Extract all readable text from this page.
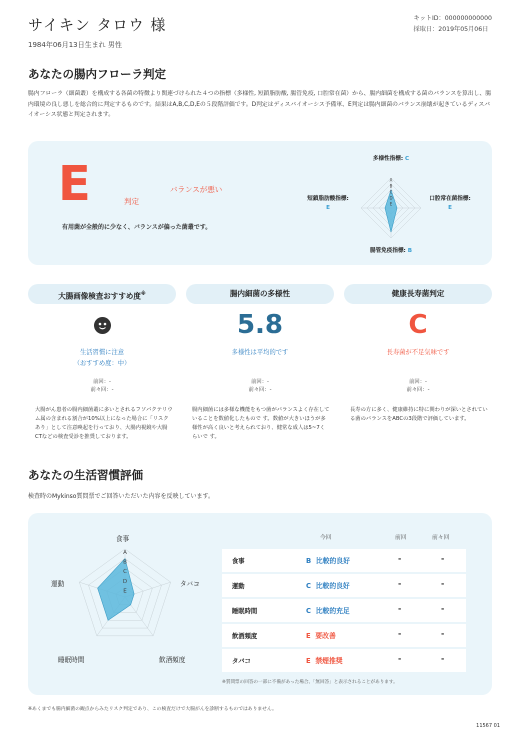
サイキン タロウ 様
1984年06月13日生まれ 男性
キットID：000000000000
採取日：2019年05月06日
あなたの腸内フローラ判定
腸内フローラ（細菌叢）を構成する各菌の特徴より関連づけられた４つの指標（多様性, 短鎖脂肪酸, 腸管免疫, 口腔常在菌）から、腸内細菌を構成する菌のバランスを算出し、腸内環境の良し悪しを総合的に判定するものです。結果はA,B,C,D,Eの５段階評価です。D判定はディスバイオーシス予備軍、E判定は腸内細菌のバランス崩壊が起きているディスバイオーシス状態と判定されます。
E	判定
バランスが悪い
有用菌が全般的に少なく、バランスが偏った菌叢です。
A
B
C
D
E
多様性指標: C
口腔常在菌指標:
E
腸管免疫指標: B
短鎖脂肪酸指標:
E
大腸画像検査おすすめ度※	腸内細菌の多様性	健康長寿菌判定
生活習慣に注意
（おすすめ度：中）
前回：-
前々回：-
大腸がん患者の腸内細菌叢に多いとされるフソバクテリウム属の含まれる割合が10%以上になった場合に「リスクあり」として注意喚起を行っており、大腸内視鏡や大腸CTなどの検査受診を推奨しております。
5.8
多様性は平均的です
前回：-
前々回：-
腸内細菌には多様な機能をもつ菌がバランスよく存在していることを数値化したもので す。数値が大きいほうが多様性が高く良いと考えられており、健常な成人は5~7くらいで す。
C
長寿菌が不足気味です
前回：-
前々回：-
長寿の方に多く、健康維持に特に関わりが深いとされている菌のバランスをABCの3段階で評価しています。
あなたの生活習慣評価
検査時のMykinso質問票でご回答いただいた内容を反映しています。
A
B
C
D
E
食事
タバコ
飲酒頻度
睡眠時間
運動
今回	前回	前々回
食事	B 比較的良好	-	-
運動	C 比較的良好	-	-
睡眠時間	C 比較的充足	-	-
飲酒頻度	E 要改善	-	-
タバコ	E 禁煙推奨	-	-
※質問票の回答の一部に不備があった場合、「無回答」と表示されることがあります。
※あくまでも腸内細菌の観点からみたリスク判定であり、この検査だけで大腸がんを診断するものではありません。
11567 01
